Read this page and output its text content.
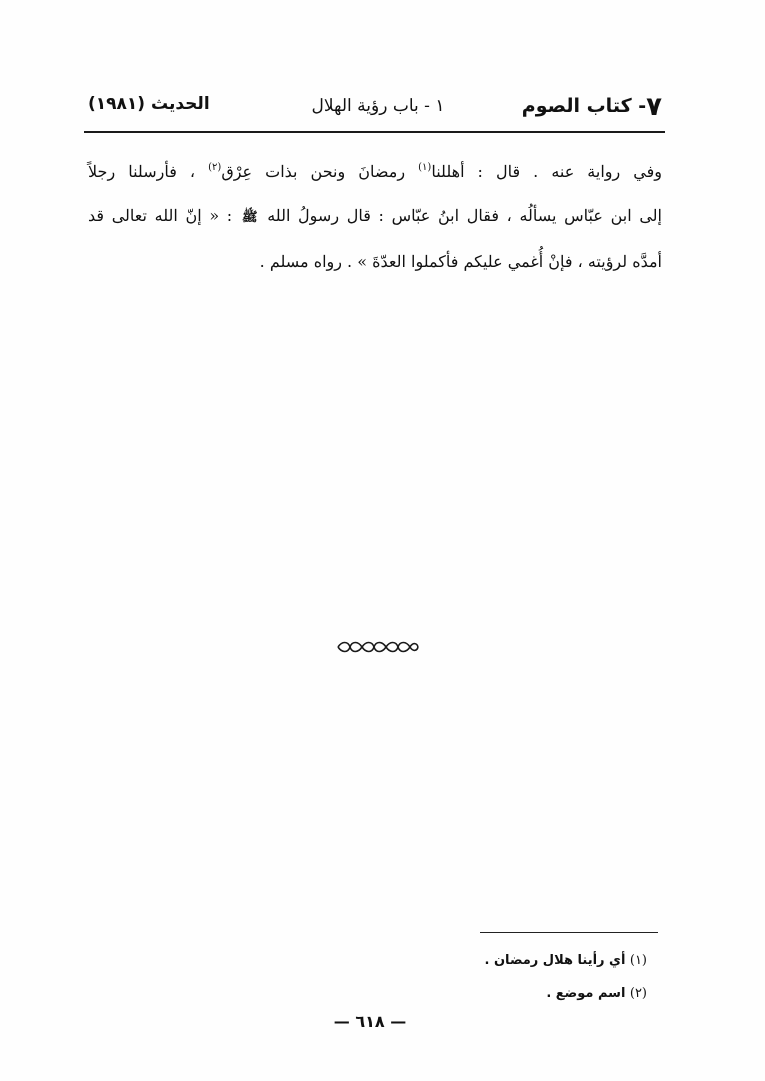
٧- كتاب الصوم
١ - باب رؤية الهلال
الحديث (١٩٨١)
وفي رواية عنه . قال : أهللنا$^{(١)}$ رمضانَ ونحن بذات عِرْق$^{(٢)}$ ، فأرسلنا رجلاً
إلى ابن عبّاس يسألُه ، فقال ابنُ عبّاس : قال رسولُ الله ﷺ : « إنّ الله تعالى قد
أمدَّه لرؤيته ، فإنْ أُغمي عليكم فأكملوا العدّةَ » . رواه مسلم .
(١) أي رأينا هلال رمضان .
(٢) اسم موضع .
— ٦١٨ —
